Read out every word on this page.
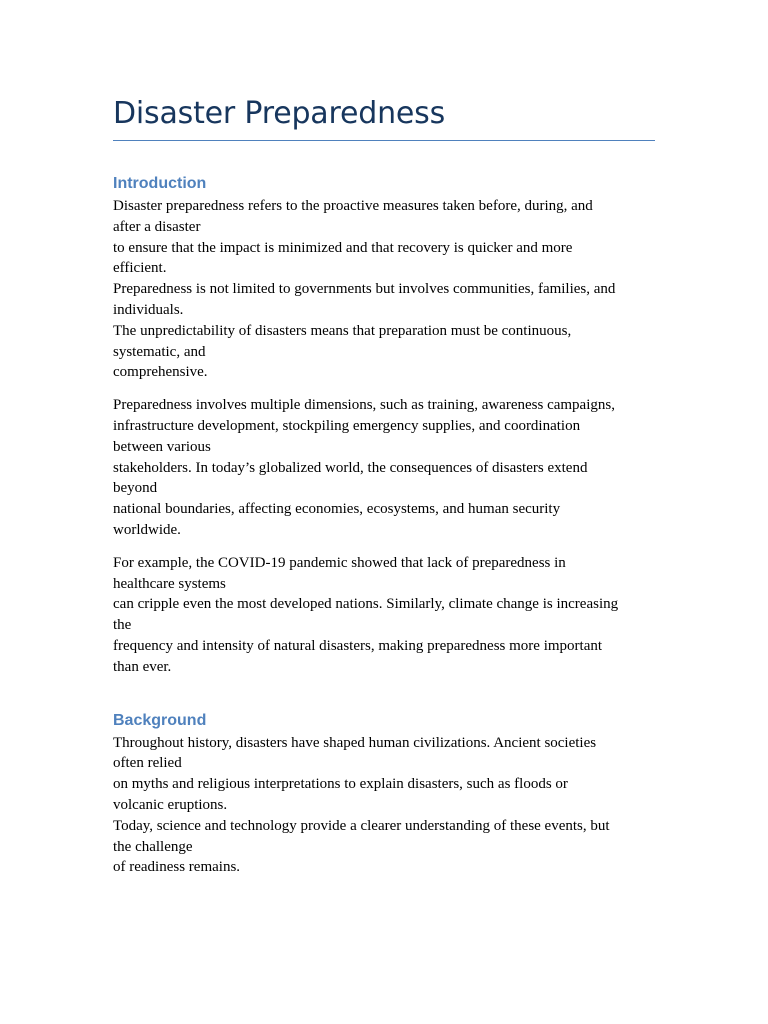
Disaster Preparedness
Introduction

Disaster preparedness refers to the proactive measures taken before, during, and
after a disaster
to ensure that the impact is minimized and that recovery is quicker and more
efficient.
Preparedness is not limited to governments but involves communities, families, and
individuals.
The unpredictability of disasters means that preparation must be continuous,
systematic, and
comprehensive.

Preparedness involves multiple dimensions, such as training, awareness campaigns,
infrastructure development, stockpiling emergency supplies, and coordination
between various
stakeholders. In today’s globalized world, the consequences of disasters extend
beyond
national boundaries, affecting economies, ecosystems, and human security
worldwide.

For example, the COVID-19 pandemic showed that lack of preparedness in
healthcare systems
can cripple even the most developed nations. Similarly, climate change is increasing
the
frequency and intensity of natural disasters, making preparedness more important
than ever.

Background

Throughout history, disasters have shaped human civilizations. Ancient societies
often relied
on myths and religious interpretations to explain disasters, such as floods or
volcanic eruptions.
Today, science and technology provide a clearer understanding of these events, but
the challenge
of readiness remains.
